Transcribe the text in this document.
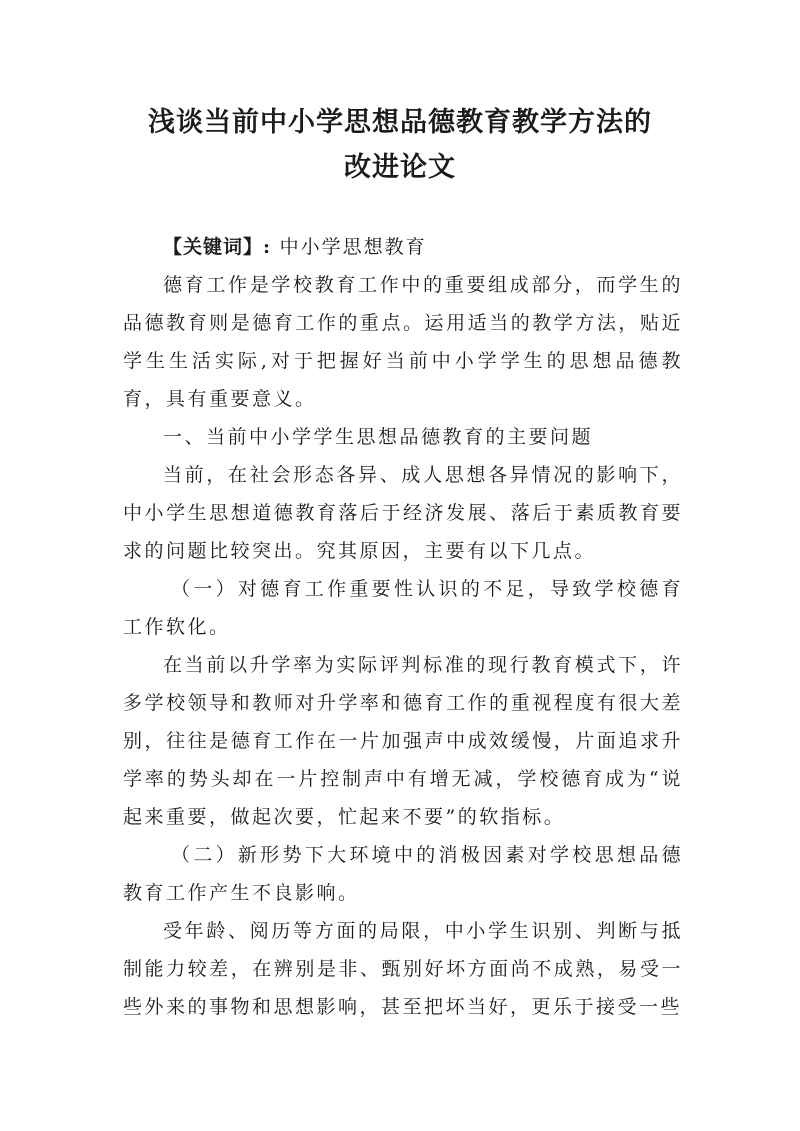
浅谈当前中小学思想品德教育教学方法的
改进论文

【关键词】: 中小学思想教育

德育工作是学校教育工作中的重要组成部分，而学生的品德教育则是德育工作的重点。运用适当的教学方法，贴近学生生活实际,对于把握好当前中小学学生的思想品德教育，具有重要意义。

一、当前中小学学生思想品德教育的主要问题

当前，在社会形态各异、成人思想各异情况的影响下，中小学生思想道德教育落后于经济发展、落后于素质教育要求的问题比较突出。究其原因，主要有以下几点。

（一）对德育工作重要性认识的不足，导致学校德育工作软化。

在当前以升学率为实际评判标准的现行教育模式下，许多学校领导和教师对升学率和德育工作的重视程度有很大差别，往往是德育工作在一片加强声中成效缓慢，片面追求升学率的势头却在一片控制声中有增无减，学校德育成为“说起来重要，做起次要，忙起来不要”的软指标。

（二）新形势下大环境中的消极因素对学校思想品德教育工作产生不良影响。

受年龄、阅历等方面的局限，中小学生识别、判断与抵制能力较差，在辨别是非、甄别好坏方面尚不成熟，易受一些外来的事物和思想影响，甚至把坏当好，更乐于接受一些
